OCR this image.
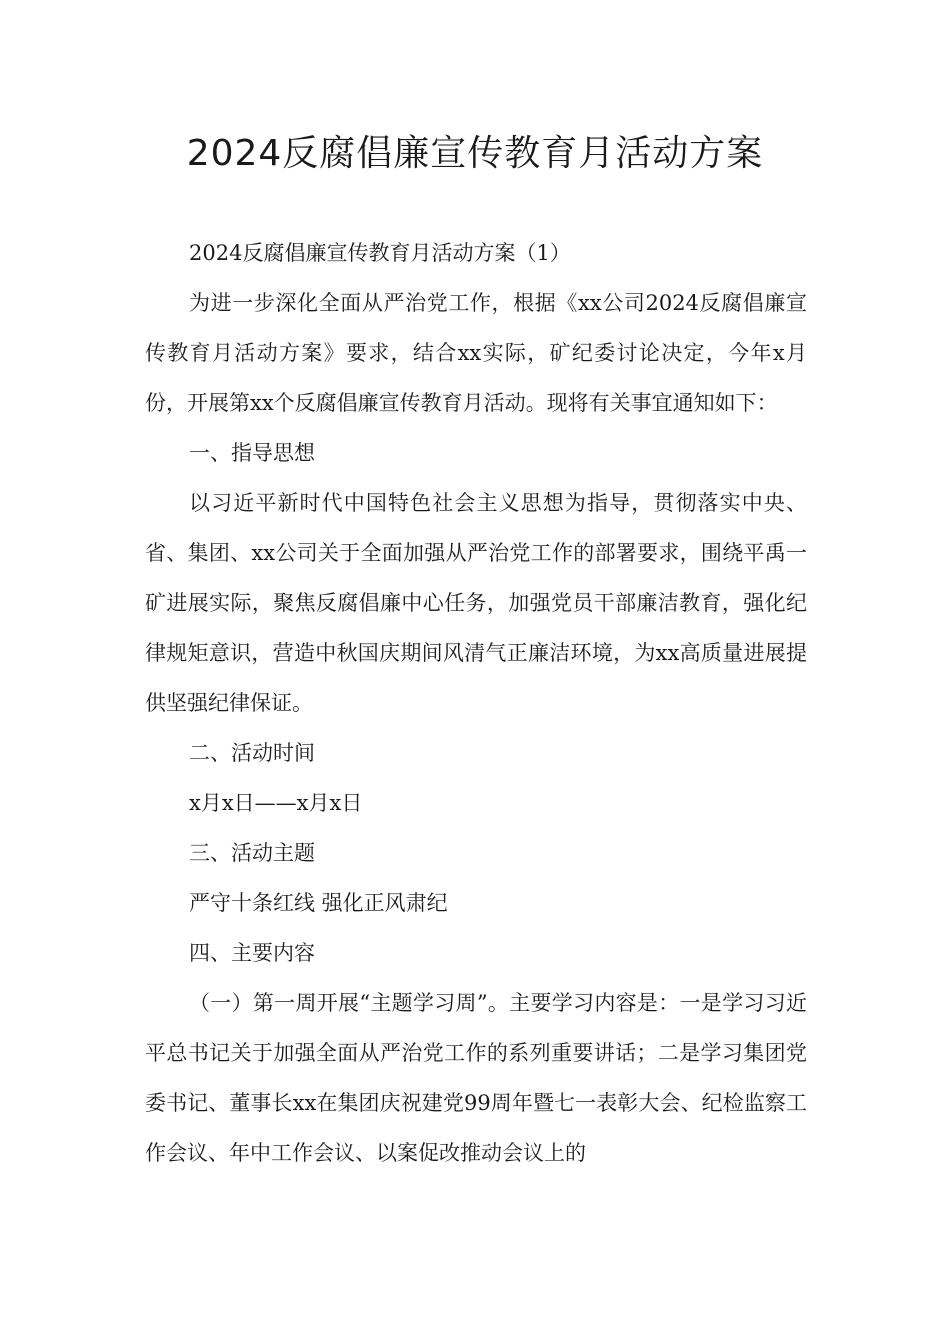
2024反腐倡廉宣传教育月活动方案

2024反腐倡廉宣传教育月活动方案（1）

为进一步深化全面从严治党工作，根据《xx公司2024反腐倡廉宣传教育月活动方案》要求，结合xx实际，矿纪委讨论决定，今年x月份，开展第xx个反腐倡廉宣传教育月活动。现将有关事宜通知如下：

一、指导思想

以习近平新时代中国特色社会主义思想为指导，贯彻落实中央、省、集团、xx公司关于全面加强从严治党工作的部署要求，围绕平禹一矿进展实际，聚焦反腐倡廉中心任务，加强党员干部廉洁教育，强化纪律规矩意识，营造中秋国庆期间风清气正廉洁环境，为xx高质量进展提供坚强纪律保证。

二、活动时间

x月x日——x月x日

三、活动主题

严守十条红线 强化正风肃纪

四、主要内容

（一）第一周开展“主题学习周”。主要学习内容是：一是学习习近平总书记关于加强全面从严治党工作的系列重要讲话；二是学习集团党委书记、董事长xx在集团庆祝建党99周年暨七一表彰大会、纪检监察工作会议、年中工作会议、以案促改推动会议上的
